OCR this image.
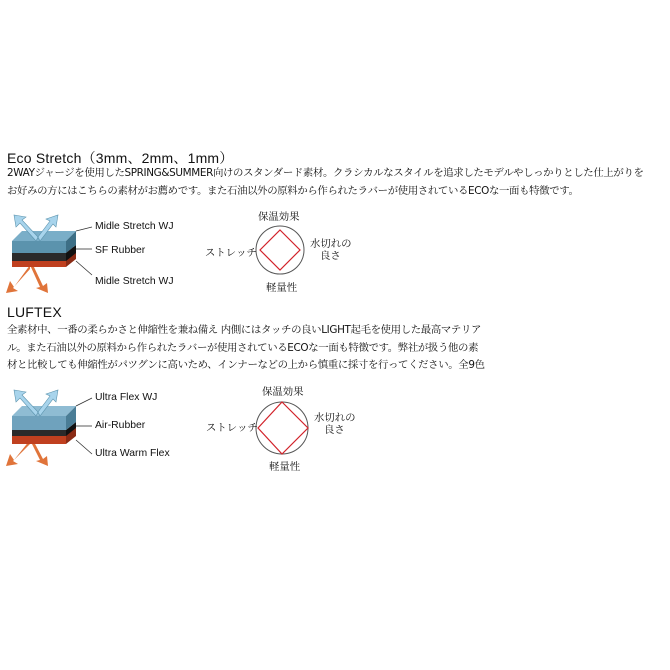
Eco Stretch（3mm、2mm、1mm）
2WAYジャージを使用したSPRING&SUMMER向けのスタンダード素材。クラシカルなスタイルを追求したモデルやしっかりとした仕上がりを
お好みの方にはこちらの素材がお薦めです。また石油以外の原料から作られたラバーが使用されているECOな一面も特徴です。
Midle Stretch WJ
SF Rubber
Midle Stretch WJ
保温効果
ストレッチ
水切れの
良さ
軽量性
LUFTEX
全素材中、一番の柔らかさと伸縮性を兼ね備え 内側にはタッチの良いLIGHT起毛を使用した最高マテリア
ル。また石油以外の原料から作られたラバーが使用されているECOな一面も特徴です。弊社が扱う他の素
材と比較しても伸縮性がパツグンに高いため、インナーなどの上から慎重に採寸を行ってください。全9色
Ultra Flex WJ
Air-Rubber
Ultra Warm Flex
保温効果
ストレッチ
水切れの
良さ
軽量性
